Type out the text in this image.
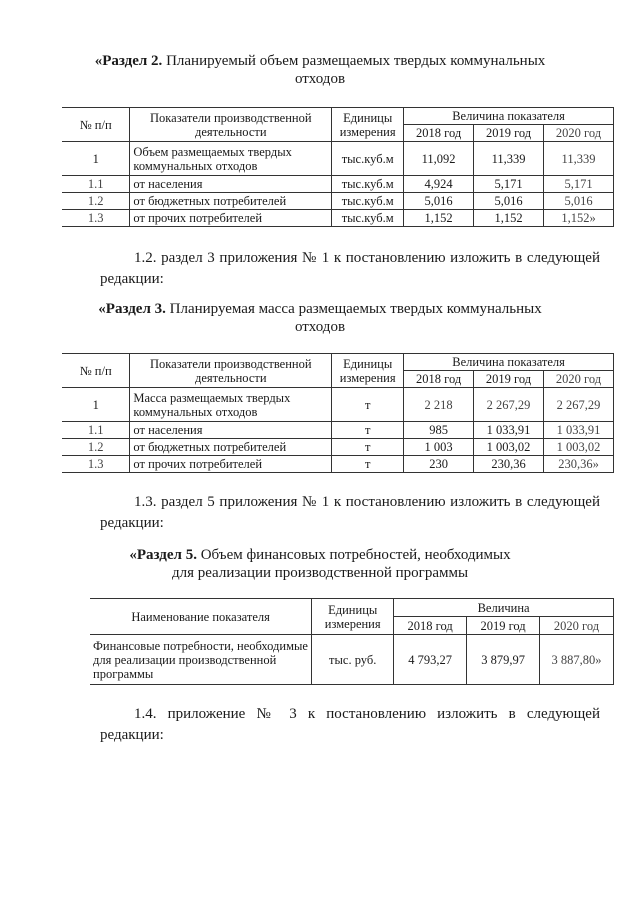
«Раздел 2. Планируемый объем размещаемых твердых коммунальных
отходов
№ п/п	Показатели производственной деятельности	Единицы измерения	Величина показателя		
			2018 год	2019 год	2020 год
1	Объем размещаемых твердых коммунальных отходов	тыс.куб.м	11,092	11,339	11,339
1.1	от населения	тыс.куб.м	4,924	5,171	5,171
1.2	от бюджетных потребителей	тыс.куб.м	5,016	5,016	5,016
1.3	от прочих потребителей	тыс.куб.м	1,152	1,152	1,152»
1.2. раздел 3 приложения № 1 к постановлению изложить в следующей редакции:
«Раздел 3. Планируемая масса размещаемых твердых коммунальных
отходов
№ п/п	Показатели производственной деятельности	Единицы измерения	Величина показателя		
			2018 год	2019 год	2020 год
1	Масса размещаемых твердых коммунальных отходов	т	2 218	2 267,29	2 267,29
1.1	от населения	т	985	1 033,91	1 033,91
1.2	от бюджетных потребителей	т	1 003	1 003,02	1 003,02
1.3	от прочих потребителей	т	230	230,36	230,36»
1.3. раздел 5 приложения № 1 к постановлению изложить в следующей редакции:
«Раздел 5. Объем финансовых потребностей, необходимых
для реализации производственной программы
Наименование показателя	Единицы измерения	Величина		
		2018 год	2019 год	2020 год
Финансовые потребности, необходимые для реализации производственной программы	тыс. руб.	4 793,27	3 879,97	3 887,80»
1.4. приложение № 3 к постановлению изложить в следующей редакции:
